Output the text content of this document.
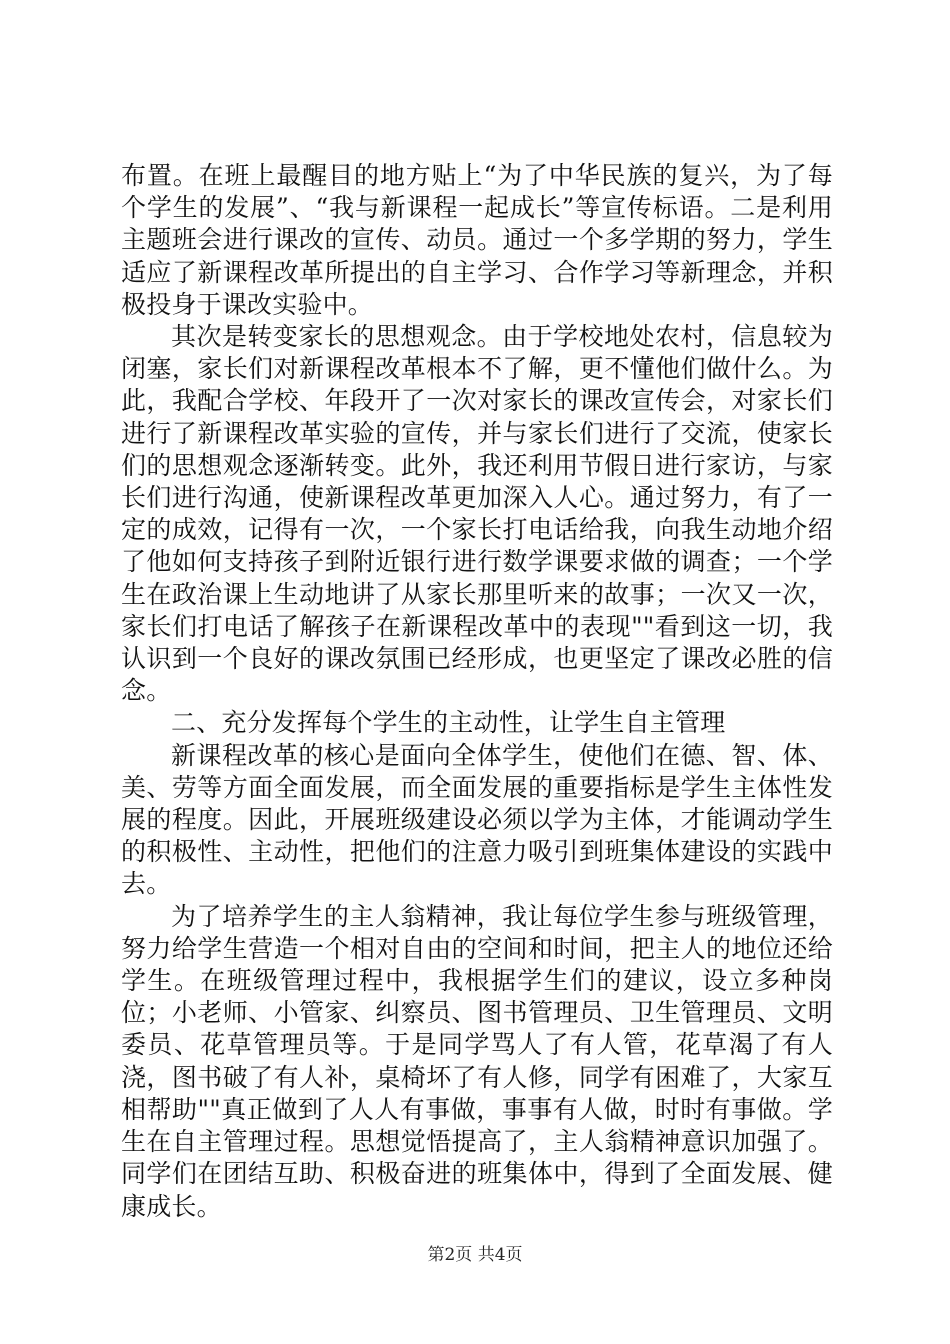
布置。在班上最醒目的地方贴上“为了中华民族的复兴，为了每个学生的发展”、“我与新课程一起成长”等宣传标语。二是利用主题班会进行课改的宣传、动员。通过一个多学期的努力，学生适应了新课程改革所提出的自主学习、合作学习等新理念，并积极投身于课改实验中。

其次是转变家长的思想观念。由于学校地处农村，信息较为闭塞，家长们对新课程改革根本不了解，更不懂他们做什么。为此，我配合学校、年段开了一次对家长的课改宣传会，对家长们进行了新课程改革实验的宣传，并与家长们进行了交流，使家长们的思想观念逐渐转变。此外，我还利用节假日进行家访，与家长们进行沟通，使新课程改革更加深入人心。通过努力，有了一定的成效，记得有一次，一个家长打电话给我，向我生动地介绍了他如何支持孩子到附近银行进行数学课要求做的调查；一个学生在政治课上生动地讲了从家长那里听来的故事；一次又一次，家长们打电话了解孩子在新课程改革中的表现""看到这一切，我认识到一个良好的课改氛围已经形成，也更坚定了课改必胜的信念。

二、充分发挥每个学生的主动性，让学生自主管理

新课程改革的核心是面向全体学生，使他们在德、智、体、美、劳等方面全面发展，而全面发展的重要指标是学生主体性发展的程度。因此，开展班级建设必须以学为主体，才能调动学生的积极性、主动性，把他们的注意力吸引到班集体建设的实践中去。

为了培养学生的主人翁精神，我让每位学生参与班级管理，努力给学生营造一个相对自由的空间和时间，把主人的地位还给学生。在班级管理过程中，我根据学生们的建议，设立多种岗位；小老师、小管家、纠察员、图书管理员、卫生管理员、文明委员、花草管理员等。于是同学骂人了有人管，花草渴了有人浇，图书破了有人补，桌椅坏了有人修，同学有困难了，大家互相帮助""真正做到了人人有事做，事事有人做，时时有事做。学生在自主管理过程。思想觉悟提高了，主人翁精神意识加强了。同学们在团结互助、积极奋进的班集体中，得到了全面发展、健康成长。

第2页 共4页
